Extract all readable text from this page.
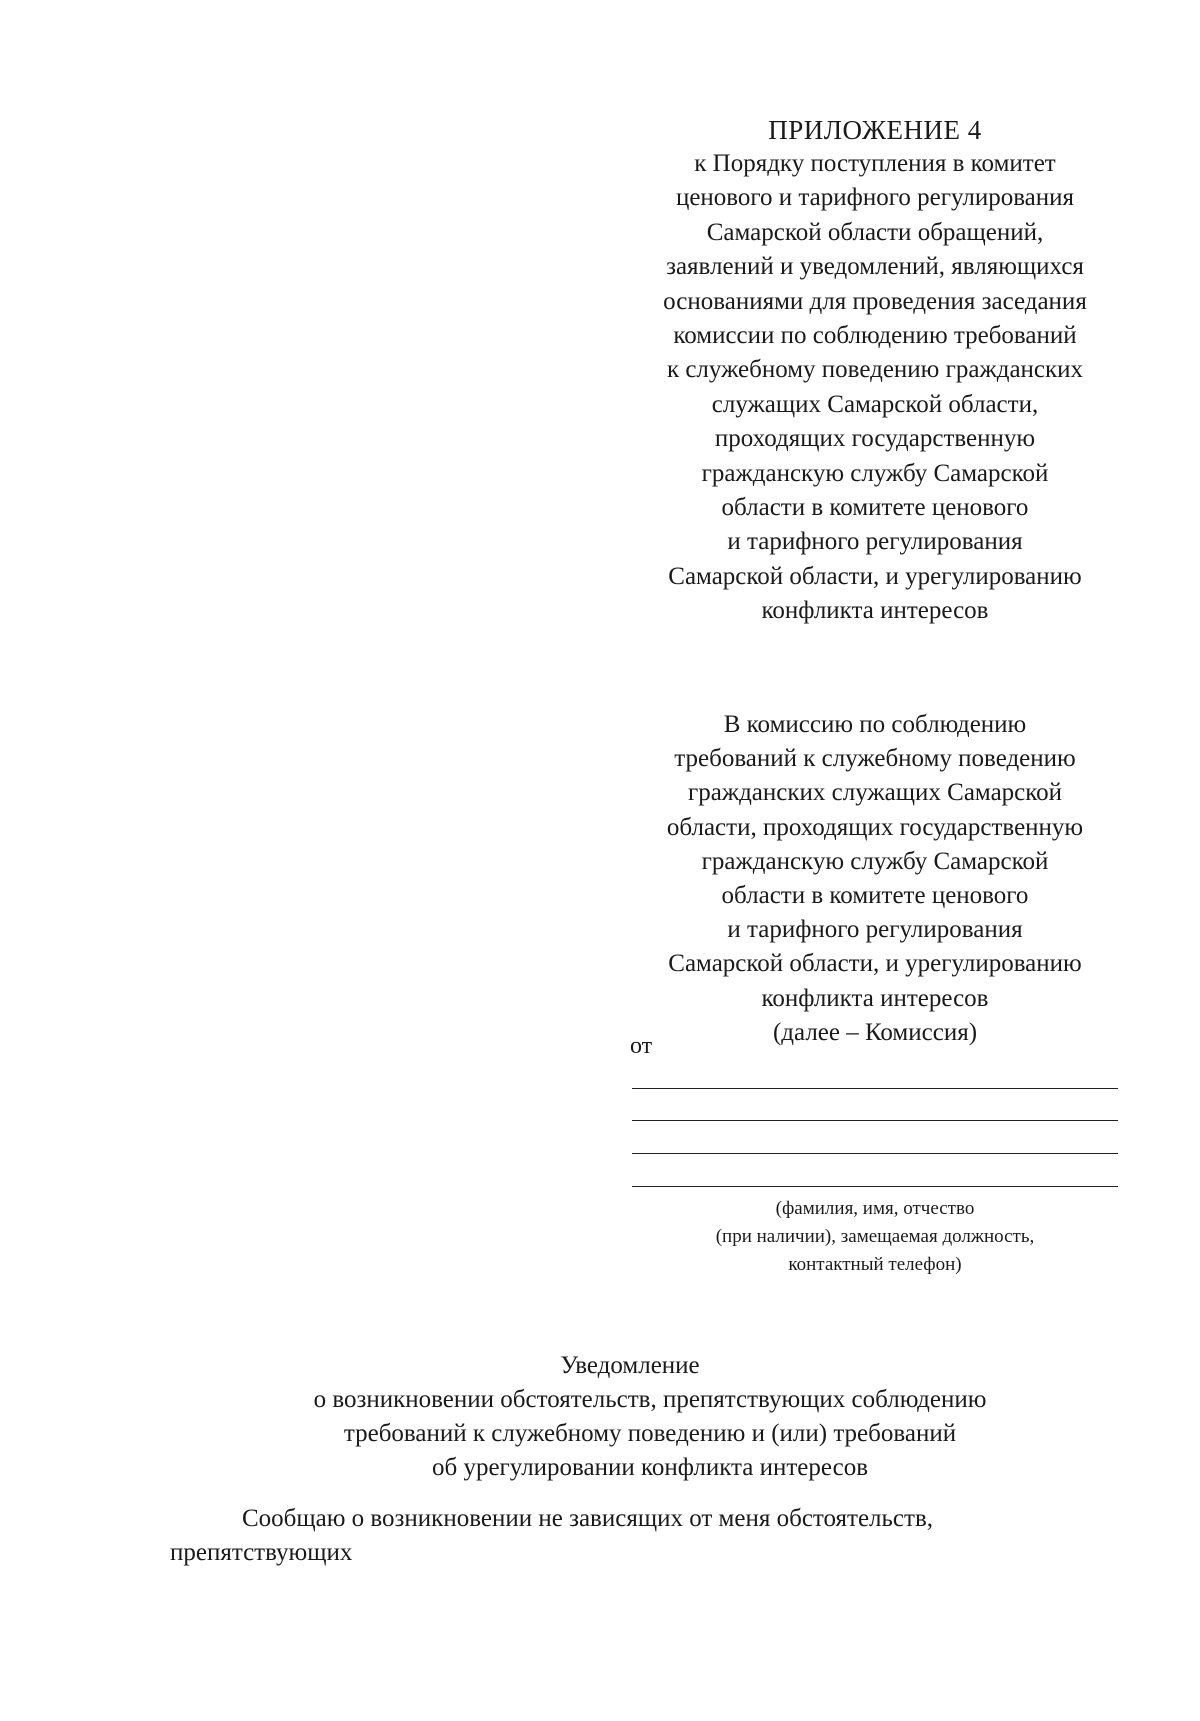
ПРИЛОЖЕНИЕ 4
к Порядку поступления в комитет
ценового и тарифного регулирования
Самарской области обращений,
заявлений и уведомлений, являющихся
основаниями для проведения заседания
комиссии по соблюдению требований
к служебному поведению гражданских
служащих Самарской области,
проходящих государственную
гражданскую службу Самарской
области в комитете ценового
и тарифного регулирования
Самарской области, и урегулированию
конфликта интересов
В комиссию по соблюдению
требований к служебному поведению
гражданских служащих Самарской
области, проходящих государственную
гражданскую службу Самарской
области в комитете ценового
и тарифного регулирования
Самарской области, и урегулированию
конфликта интересов
(далее – Комиссия)
от
(фамилия, имя, отчество
(при наличии), замещаемая должность,
контактный телефон)
Уведомление
о возникновении обстоятельств, препятствующих соблюдению
требований к служебному поведению и (или) требований
об урегулировании конфликта интересов
Сообщаю о возникновении не зависящих от меня обстоятельств,
препятствующих
